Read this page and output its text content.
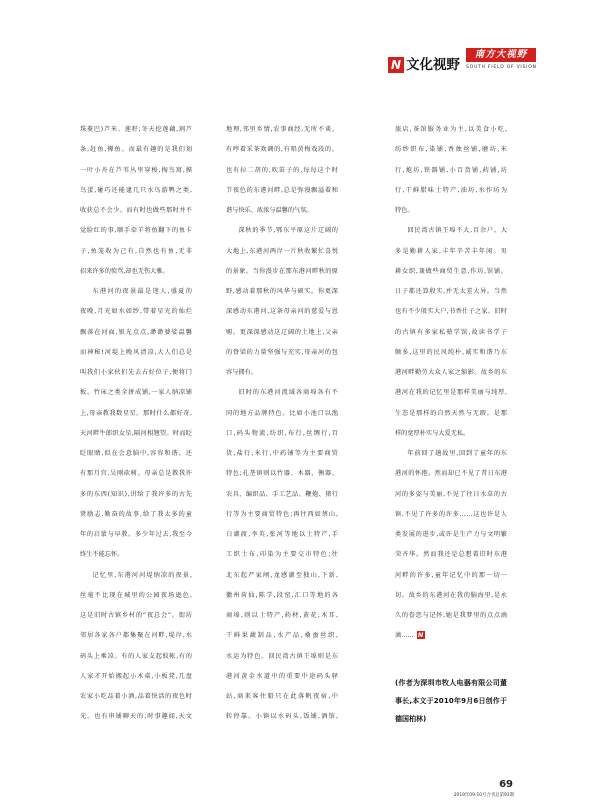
N 文化视野
南方大视野
SOUTH FIELD OF VISION
珠菱巴)芦米、莲籽;冬天挖莲藕,割芦
条,赶鱼,撵鱼。而最有趣的是我们划
一叶小舟在芦苇丛里穿梭,掏鸟窝,摸
鸟蛋,碰巧还能逮几只水鸟游鸭之类,
收获总不会少。而有时也做些那时并不
觉脸红的事,顺手牵羊将鱼翻下的鱼卡
子,鱼笼收为己有,自然也有鱼,无非
招来许多的愤骂,却也无伤大雅。
东港河的夜景最是迷人,盛夏的
夜晚,月光如水如纱,带着星光的灿烂
飘落在河面,银光点点,渺渺婆娑温馨
而神秘!河堤上晚风清凉,大人们总是
叫我们小家伙们先去占好位子,便将门
板、竹床之类全拼成铺,一家人纳凉铺
上,母亲教我数星星。那时什么都好奇,
天河畔牛郎织女星,隔河相翘望。时而眨
眨眼睛,似在会意脑中,容容和谐。还
有那月宫,吴刚砍树。母亲总是教我许
多的东西(知识),讲给了我许多的古先
贤励志,勤奋的故事,给了我太多的童
年的启蒙与早教。多少年过去,我至今
终生不能忘怀。
记忆里,东港河河堤纳凉的夜景,
丝毫不比现在城里的公园夜场逊色,
这是旧时古镇乡村的“夜总会”。街坊
邻居各家各户都集聚在河畔,堤岸,水
码头上乘凉。有的人家支起蚊帐,有的
人家才开始搬起小木桌,小板凳,几盘
农家小吃品着小酒,品着快活的夜色时
光。也有串铺聊天的;时事趣闻,天文
地理,邻里乡情,农事商经,无所不谈。
有哼着采茶欢调的,有唱黄梅戏段的。
也有拉二胡的,吹笛子的,每每这个时
节夜色的东港河畔,总是弥漫飘溢着和
谐与快乐、浓浓与温馨的气氛。
深秋的季节,鄂东平原这片辽阔的
大地上,东港河两岸一片秋收繁忙喜悦
的景象。当你漫步在那东港河畔秋的原
野,感动着那秋的风华与硕实。你更深
深感动东港河,这条母亲河的慈爱与恩
赐。更深深感动这辽阔的土地上,父亲
的脊梁的力量坚强与充实,母亲河的包
容与拥有。
旧时的东港河流域各商埠各有不
同的地方品牌特色。比如小池口以渔
口,码头物流,纺织,布行,丝绸行,百
货,盐行,米行,中药铺等为主要商贸
特色;孔垄镇则以竹器、木器、衡器、
农具、编织品、手工艺品、鞭炮、猪行
行等为主要商贸特色;再往西如蔡山,
白湖渡,李英,张河等地以土特产,手
工织土布,印染为主要交市特色;往
北东起严家闸,龙感湖至独山,下新,
徽州荷仙,陈学,段窑,汇口等地的各
商埠,则以土特产,药材,黄花,木耳,
干鲜果蔬制品,水产品,桑蚕丝织,
水运为特色。回民湾古镇王埠则是东
港河黄金水道中的重要中途码头驿
站,商来客往船只在此落帆夜宿,中
转停靠。小镇以水码头,饭铺,酒馆,
旅店,茶馆服务业为主,以美食小吃,
纺纱织布,染铺,香烛丝铺,磨坊,米
行,炮坊,铁器铺,小百货铺,药铺,坊
行,干鲜腊味土特产,油坊,水作坊为
特色。
回民湾古镇王埠不大,百余户。大
多是勤耕人家,丰年辛苦丰年闲。男
耕女织,兼做些商贸生意,作坊,馆铺。
日子都还算殷实,并无太差大异。当然
也有不少殷实大户,书香仕子之家。旧时
的古镇有多家私塾学馆,故读书学子
颇多,这里的民风纯朴,诚实和谐乃东
港河畔勤劳大众人家之缩影。故乡的东
港河在我的记忆里是那样美丽与纯厚,
生态是那样的自然天然与无瑕。是那
样的宽厚朴实与大爱无私。
年前回了趟故里,回到了童年的东
港河的怀抱。然而却已不见了昔日东港
河的多姿与美丽,不见了往日水草的古
镇,不见了许多的许多……这也许是人
类发展的进步,或许是生产力与文明繁
荣齐华。然而我还是总想着旧时东港
河畔的许多,童年记忆中的那一切一
切。故乡的东港河在我的脑海里,是永
久的眷恋与记怀,她是我梦里的点点滴
滴…… N
(作者为深圳市牧人电器有限公司董
事长,本文于2010年9月6日创作于
德国柏林)
69
2019年09-10月合刊总第93期
